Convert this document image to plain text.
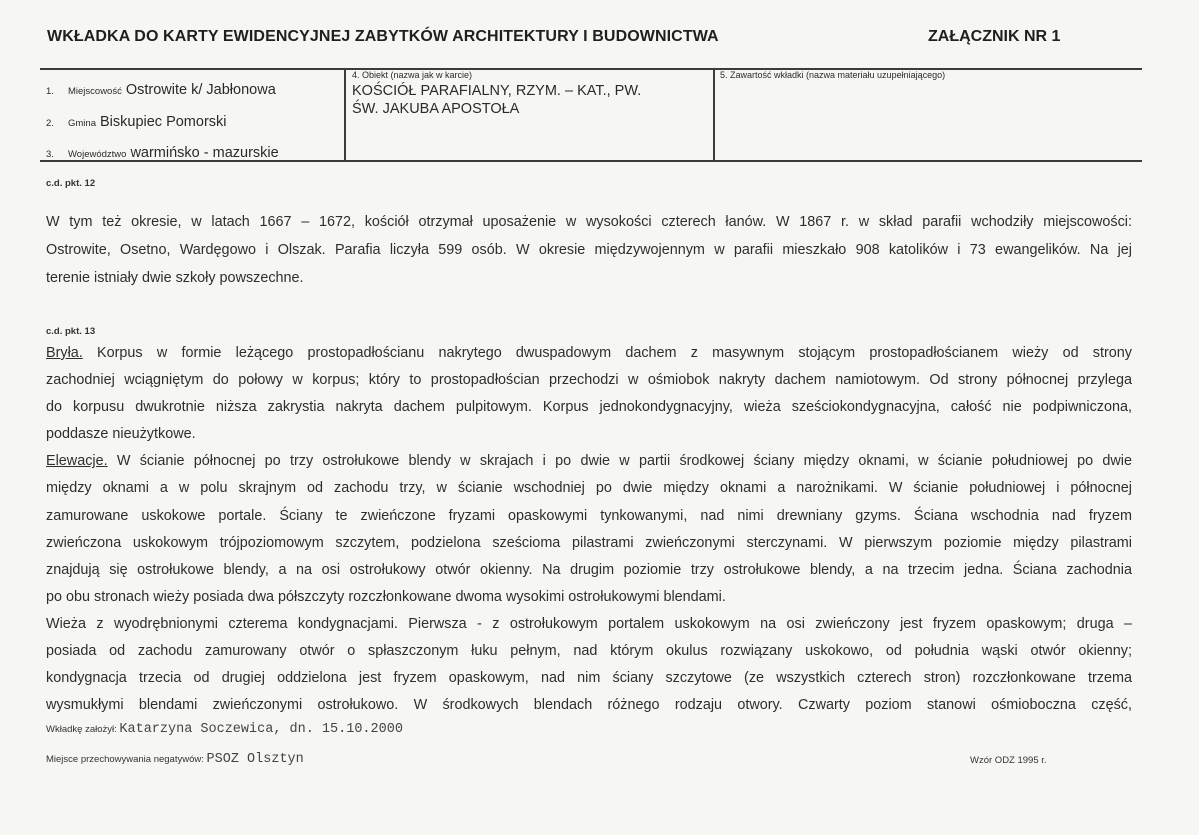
WKŁADKA DO KARTY EWIDENCYJNEJ ZABYTKÓW ARCHITEKTURY I BUDOWNICTWA	ZAŁĄCZNIK NR 1
1. Miejscowość Ostrowite k/ Jabłonowa
2. Gmina Biskupiec Pomorski
3. Województwo warmińsko - mazurskie
4. Obiekt (nazwa jak w karcie)
KOŚCIÓŁ PARAFIALNY, RZYM. – KAT., PW.
ŚW. JAKUBA APOSTOŁA
5. Zawartość wkładki (nazwa materiału uzupełniającego)
c.d. pkt. 12
W tym też okresie, w latach 1667 – 1672, kościół otrzymał uposażenie w wysokości czterech łanów. W 1867 r. w skład parafii wchodziły miejscowości:
Ostrowite, Osetno, Wardęgowo i Olszak. Parafia liczyła 599 osób. W okresie międzywojennym w parafii mieszkało 908 katolików i 73 ewangelików. Na jej
terenie istniały dwie szkoły powszechne.
c.d. pkt. 13
Bryła. Korpus w formie leżącego prostopadłościanu nakrytego dwuspadowym dachem z masywnym stojącym prostopadłościanem wieży od strony
zachodniej wciągniętym do połowy w korpus; który to prostopadłościan przechodzi w ośmiobok nakryty dachem namiotowym. Od strony północnej przylega
do korpusu dwukrotnie niższa zakrystia nakryta dachem pulpitowym. Korpus jednokondygnacyjny, wieża sześciokondygnacyjna, całość nie podpiwniczona,
poddasze nieużytkowe.
Elewacje. W ścianie północnej po trzy ostrołukowe blendy w skrajach i po dwie w partii środkowej ściany między oknami, w ścianie południowej po dwie
między oknami a w polu skrajnym od zachodu trzy, w ścianie wschodniej po dwie między oknami a narożnikami. W ścianie południowej i północnej
zamurowane uskokowe portale. Ściany te zwieńczone fryzami opaskowymi tynkowanymi, nad nimi drewniany gzyms. Ściana wschodnia nad fryzem
zwieńczona uskokowym trójpoziomowym szczytem, podzielona sześcioma pilastrami zwieńczonymi sterczynami. W pierwszym poziomie między pilastrami
znajdują się ostrołukowe blendy, a na osi ostrołukowy otwór okienny. Na drugim poziomie trzy ostrołukowe blendy, a na trzecim jedna. Ściana zachodnia
po obu stronach wieży posiada dwa półszczyty rozczłonkowane dwoma wysokimi ostrołukowymi blendami.
Wieża z wyodrębnionymi czterema kondygnacjami. Pierwsza - z ostrołukowym portalem uskokowym na osi zwieńczony jest fryzem opaskowym; druga –
posiada od zachodu zamurowany otwór o spłaszczonym łuku pełnym, nad którym okulus rozwiązany uskokowo, od południa wąski otwór okienny;
kondygnacja trzecia od drugiej oddzielona jest fryzem opaskowym, nad nim ściany szczytowe (ze wszystkich czterech stron) rozczłonkowane trzema
wysmukłymi blendami zwieńczonymi ostrołukowo. W środkowych blendach różnego rodzaju otwory. Czwarty poziom stanowi ośmioboczna część,
Wkładkę założył: Katarzyna Soczewica, dn. 15.10.2000
Miejsce przechowywania negatywów: PSOZ Olsztyn	Wzór ODZ 1995 r.
